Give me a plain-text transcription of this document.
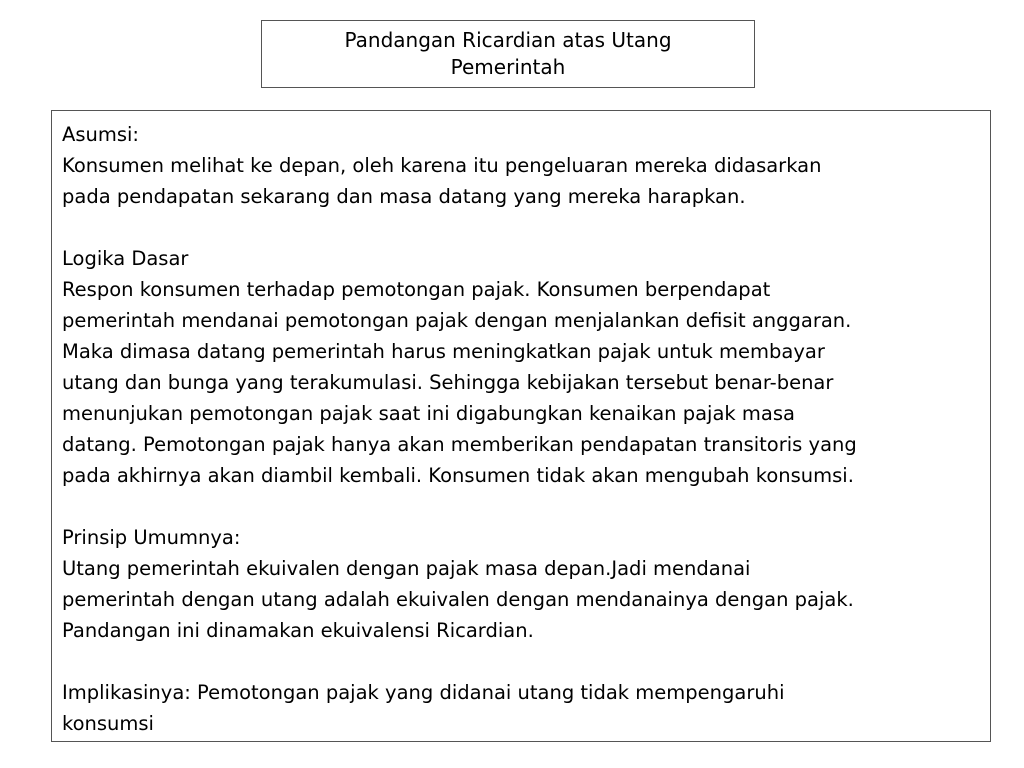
Pandangan Ricardian atas Utang
Pemerintah
Asumsi:
Konsumen melihat ke depan, oleh karena itu pengeluaran mereka didasarkan
pada pendapatan sekarang dan masa datang yang mereka harapkan.
Logika Dasar
Respon konsumen terhadap pemotongan pajak. Konsumen berpendapat
pemerintah mendanai pemotongan pajak dengan menjalankan defisit anggaran.
Maka dimasa datang pemerintah harus meningkatkan pajak untuk membayar
utang dan bunga yang terakumulasi. Sehingga kebijakan tersebut benar-benar
menunjukan pemotongan pajak saat ini digabungkan kenaikan pajak masa
datang. Pemotongan pajak hanya akan memberikan pendapatan transitoris yang
pada akhirnya akan diambil kembali. Konsumen tidak akan mengubah konsumsi.
Prinsip Umumnya:
Utang pemerintah ekuivalen dengan pajak masa depan.Jadi mendanai
pemerintah dengan utang adalah ekuivalen dengan mendanainya dengan pajak.
Pandangan ini dinamakan ekuivalensi Ricardian.
Implikasinya: Pemotongan pajak yang didanai utang tidak mempengaruhi
konsumsi
